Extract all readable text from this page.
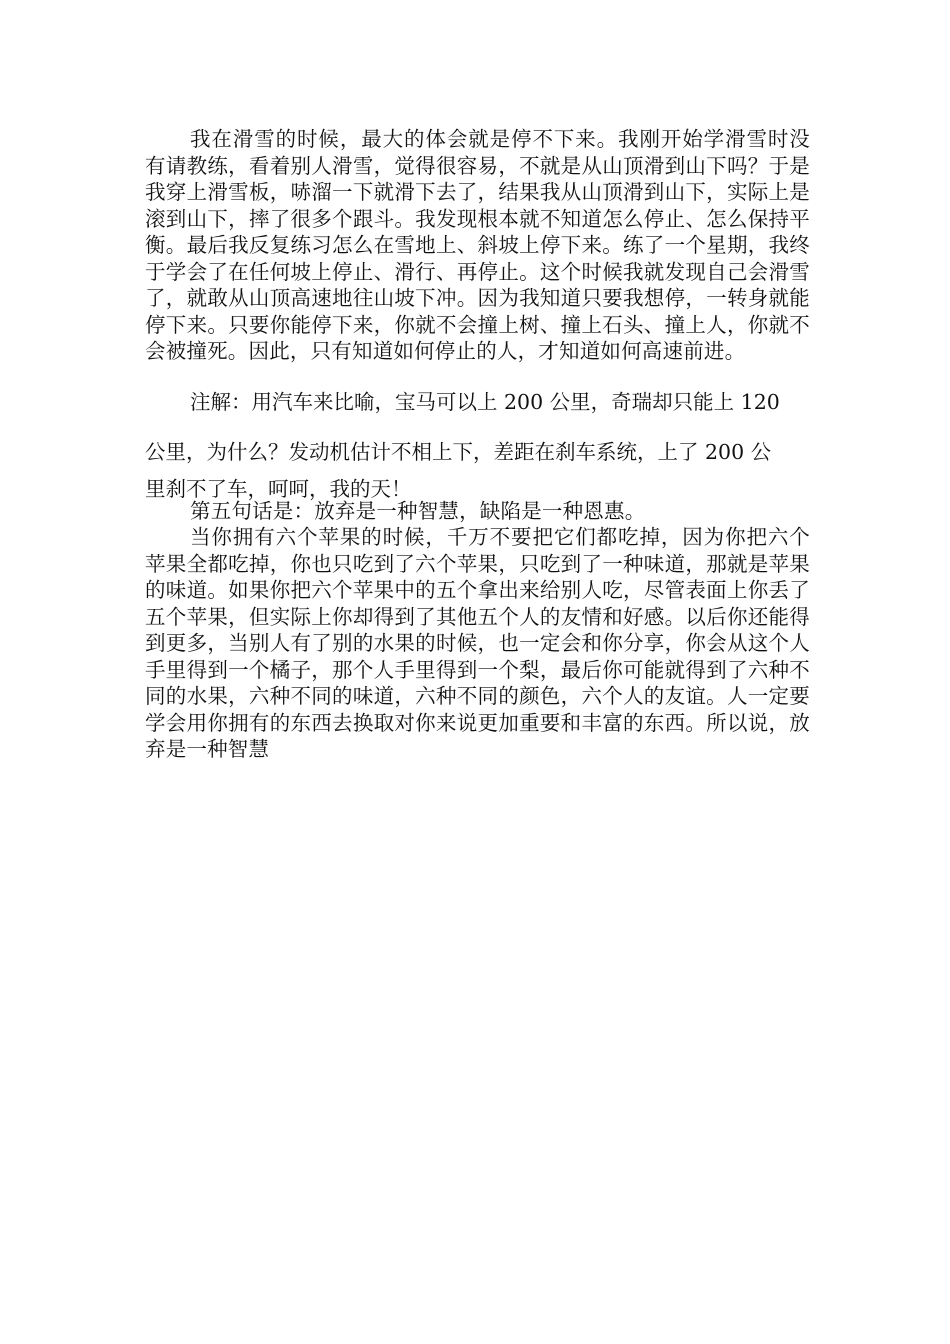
我在滑雪的时候，最大的体会就是停不下来。我刚开始学滑雪时没有请教练，看着别人滑雪，觉得很容易，不就是从山顶滑到山下吗？于是我穿上滑雪板，哧溜一下就滑下去了，结果我从山顶滑到山下，实际上是滚到山下，摔了很多个跟斗。我发现根本就不知道怎么停止、怎么保持平衡。最后我反复练习怎么在雪地上、斜坡上停下来。练了一个星期，我终于学会了在任何坡上停止、滑行、再停止。这个时候我就发现自己会滑雪了，就敢从山顶高速地往山坡下冲。因为我知道只要我想停，一转身就能停下来。只要你能停下来，你就不会撞上树、撞上石头、撞上人，你就不会被撞死。因此，只有知道如何停止的人，才知道如何高速前进。

注解：用汽车来比喻，宝马可以上 200 公里，奇瑞却只能上 120
公里，为什么？发动机估计不相上下，差距在刹车系统，上了 200 公
里刹不了车，呵呵，我的天！

第五句话是：放弃是一种智慧，缺陷是一种恩惠。

当你拥有六个苹果的时候，千万不要把它们都吃掉，因为你把六个苹果全都吃掉，你也只吃到了六个苹果，只吃到了一种味道，那就是苹果的味道。如果你把六个苹果中的五个拿出来给别人吃，尽管表面上你丢了五个苹果，但实际上你却得到了其他五个人的友情和好感。以后你还能得到更多，当别人有了别的水果的时候，也一定会和你分享，你会从这个人手里得到一个橘子，那个人手里得到一个梨，最后你可能就得到了六种不同的水果，六种不同的味道，六种不同的颜色，六个人的友谊。人一定要学会用你拥有的东西去换取对你来说更加重要和丰富的东西。所以说，放弃是一种智慧
